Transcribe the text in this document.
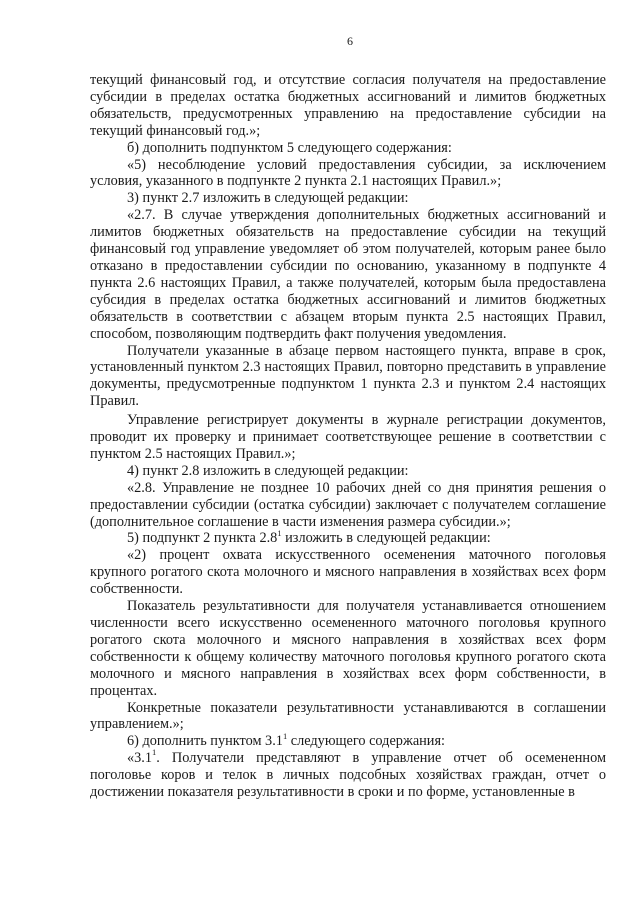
6

текущий финансовый год, и отсутствие согласия получателя на предоставление субсидии в пределах остатка бюджетных ассигнований и лимитов бюджетных обязательств, предусмотренных управлению на предоставление субсидии на текущий финансовый год.»;

б) дополнить подпунктом 5 следующего содержания:

«5) несоблюдение условий предоставления субсидии, за исключением условия, указанного в подпункте 2 пункта 2.1 настоящих Правил.»;

3) пункт 2.7 изложить в следующей редакции:

«2.7. В случае утверждения дополнительных бюджетных ассигнований и лимитов бюджетных обязательств на предоставление субсидии на текущий финансовый год управление уведомляет об этом получателей, которым ранее было отказано в предоставлении субсидии по основанию, указанному в подпункте 4 пункта 2.6 настоящих Правил, а также получателей, которым была предоставлена субсидия в пределах остатка бюджетных ассигнований и лимитов бюджетных обязательств в соответствии с абзацем вторым пункта 2.5 настоящих Правил, способом, позволяющим подтвердить факт получения уведомления.

Получатели указанные в абзаце первом настоящего пункта, вправе в срок, установленный пунктом 2.3 настоящих Правил, повторно представить в управление документы, предусмотренные подпунктом 1 пункта 2.3 и пунктом 2.4 настоящих Правил.

Управление регистрирует документы в журнале регистрации документов, проводит их проверку и принимает соответствующее решение в соответствии с пунктом 2.5 настоящих Правил.»;

4) пункт 2.8 изложить в следующей редакции:

«2.8. Управление не позднее 10 рабочих дней со дня принятия решения о предоставлении субсидии (остатка субсидии) заключает с получателем соглашение (дополнительное соглашение в части изменения размера субсидии.»;

5) подпункт 2 пункта $2.8^1$ изложить в следующей редакции:

«2) процент охвата искусственного осеменения маточного поголовья крупного рогатого скота молочного и мясного направления в хозяйствах всех форм собственности.

Показатель результативности для получателя устанавливается отношением численности всего искусственно осемененного маточного поголовья крупного рогатого скота молочного и мясного направления в хозяйствах всех форм собственности к общему количеству маточного поголовья крупного рогатого скота молочного и мясного направления в хозяйствах всех форм собственности, в процентах.

Конкретные показатели результативности устанавливаются в соглашении управлением.»;

6) дополнить пунктом $3.1^1$ следующего содержания:

«$3.1^1$. Получатели представляют в управление отчет об осемененном поголовье коров и телок в личных подсобных хозяйствах граждан, отчет о достижении показателя результативности в сроки и по форме, установленные в
